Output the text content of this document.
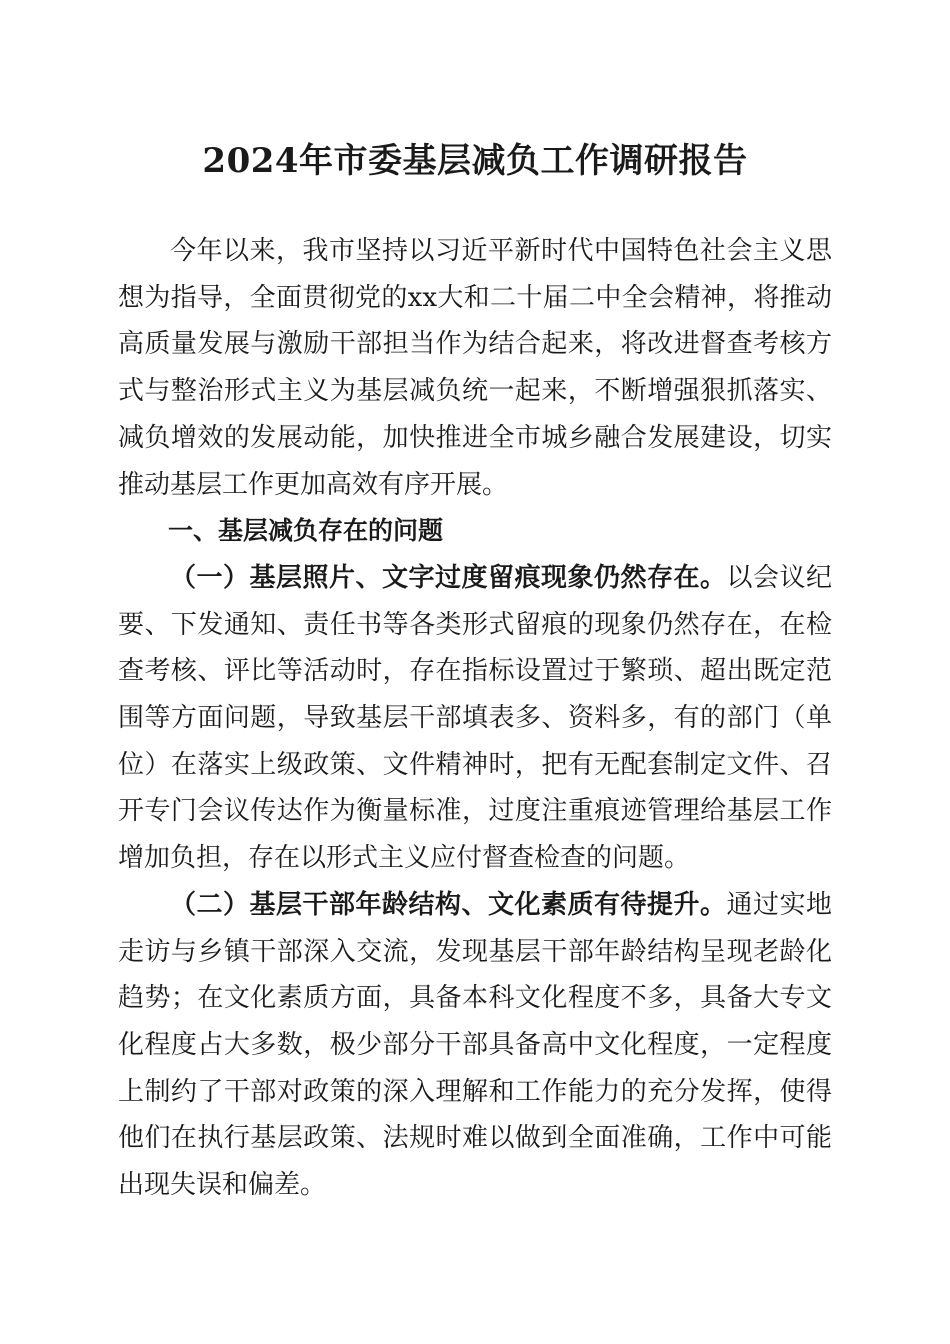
2024年市委基层减负工作调研报告

今年以来，我市坚持以习近平新时代中国特色社会主义思想为指导，全面贯彻党的xx大和二十届二中全会精神，将推动高质量发展与激励干部担当作为结合起来，将改进督查考核方式与整治形式主义为基层减负统一起来，不断增强狠抓落实、减负增效的发展动能，加快推进全市城乡融合发展建设，切实推动基层工作更加高效有序开展。

一、基层减负存在的问题

（一）基层照片、文字过度留痕现象仍然存在。以会议纪要、下发通知、责任书等各类形式留痕的现象仍然存在，在检查考核、评比等活动时，存在指标设置过于繁琐、超出既定范围等方面问题，导致基层干部填表多、资料多，有的部门（单位）在落实上级政策、文件精神时，把有无配套制定文件、召开专门会议传达作为衡量标准，过度注重痕迹管理给基层工作增加负担，存在以形式主义应付督查检查的问题。

（二）基层干部年龄结构、文化素质有待提升。通过实地走访与乡镇干部深入交流，发现基层干部年龄结构呈现老龄化趋势；在文化素质方面，具备本科文化程度不多，具备大专文化程度占大多数，极少部分干部具备高中文化程度，一定程度上制约了干部对政策的深入理解和工作能力的充分发挥，使得他们在执行基层政策、法规时难以做到全面准确，工作中可能出现失误和偏差。
